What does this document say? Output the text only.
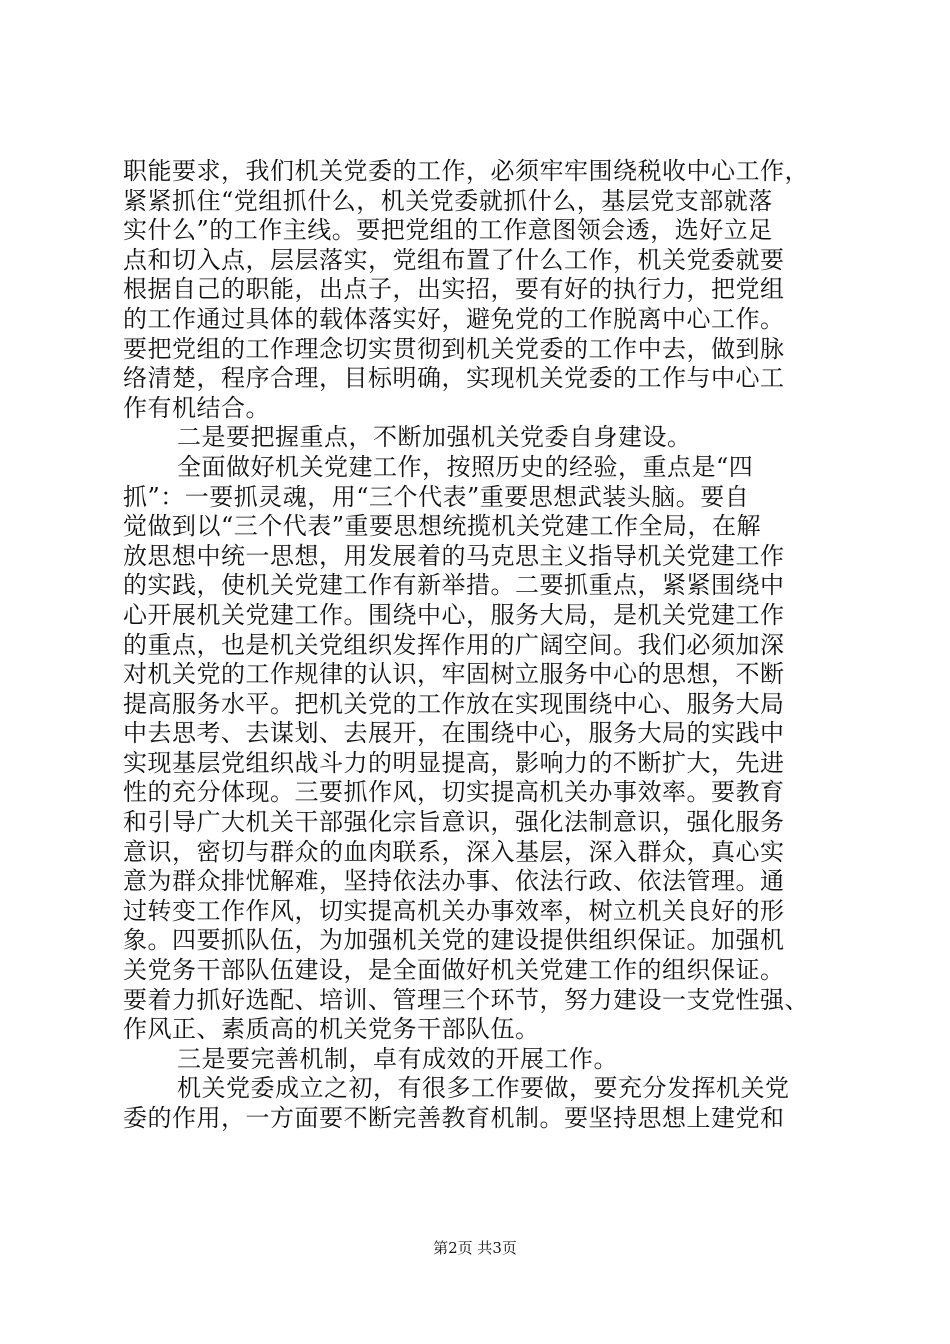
职能要求，我们机关党委的工作，必须牢牢围绕税收中心工作，
紧紧抓住“党组抓什么，机关党委就抓什么，基层党支部就落
实什么”的工作主线。要把党组的工作意图领会透，选好立足
点和切入点，层层落实，党组布置了什么工作，机关党委就要
根据自己的职能，出点子，出实招，要有好的执行力，把党组
的工作通过具体的载体落实好，避免党的工作脱离中心工作。
要把党组的工作理念切实贯彻到机关党委的工作中去，做到脉
络清楚，程序合理，目标明确，实现机关党委的工作与中心工
作有机结合。
二是要把握重点，不断加强机关党委自身建设。
全面做好机关党建工作，按照历史的经验，重点是“四
抓”：一要抓灵魂，用“三个代表”重要思想武装头脑。要自
觉做到以“三个代表”重要思想统揽机关党建工作全局，在解
放思想中统一思想，用发展着的马克思主义指导机关党建工作
的实践，使机关党建工作有新举措。二要抓重点，紧紧围绕中
心开展机关党建工作。围绕中心，服务大局，是机关党建工作
的重点，也是机关党组织发挥作用的广阔空间。我们必须加深
对机关党的工作规律的认识，牢固树立服务中心的思想，不断
提高服务水平。把机关党的工作放在实现围绕中心、服务大局
中去思考、去谋划、去展开，在围绕中心，服务大局的实践中
实现基层党组织战斗力的明显提高，影响力的不断扩大，先进
性的充分体现。三要抓作风，切实提高机关办事效率。要教育
和引导广大机关干部强化宗旨意识，强化法制意识，强化服务
意识，密切与群众的血肉联系，深入基层，深入群众，真心实
意为群众排忧解难，坚持依法办事、依法行政、依法管理。通
过转变工作作风，切实提高机关办事效率，树立机关良好的形
象。四要抓队伍，为加强机关党的建设提供组织保证。加强机
关党务干部队伍建设，是全面做好机关党建工作的组织保证。
要着力抓好选配、培训、管理三个环节，努力建设一支党性强、
作风正、素质高的机关党务干部队伍。
三是要完善机制，卓有成效的开展工作。
机关党委成立之初，有很多工作要做，要充分发挥机关党
委的作用，一方面要不断完善教育机制。要坚持思想上建党和
第2页 共3页
